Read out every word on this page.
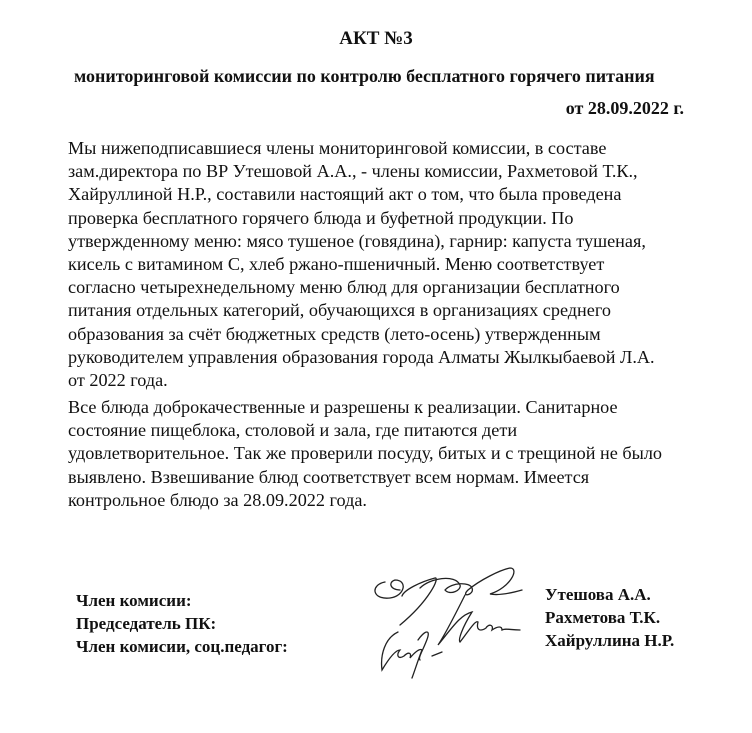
АКТ №3
мониторинговой комиссии по контролю бесплатного горячего питания
от 28.09.2022 г.
Мы нижеподписавшиеся члены мониторинговой комиссии, в составе
зам.директора по ВР Утешовой А.А., - члены комиссии, Рахметовой Т.К.,
Хайруллиной Н.Р., составили настоящий акт о том, что была проведена
проверка бесплатного горячего блюда и буфетной продукции. По
утвержденному меню: мясо тушеное (говядина), гарнир: капуста тушеная,
кисель с витамином С, хлеб ржано-пшеничный. Меню соответствует
согласно четырехнедельному меню блюд для организации бесплатного
питания отдельных категорий, обучающихся в организациях среднего
образования за счёт бюджетных средств (лето-осень) утвержденным
руководителем управления образования города Алматы Жылкыбаевой Л.А.
от 2022 года.
Все блюда доброкачественные и разрешены к реализации. Санитарное
состояние пищеблока, столовой и зала, где питаются дети
удовлетворительное. Так же проверили посуду, битых и с трещиной не было
выявлено. Взвешивание блюд соответствует всем нормам. Имеется
контрольное блюдо за 28.09.2022 года.
Член комисии:
Председатель ПК:
Член комисии, соц.педагог:
Утешова А.А.
Рахметова Т.К.
Хайруллина Н.Р.
